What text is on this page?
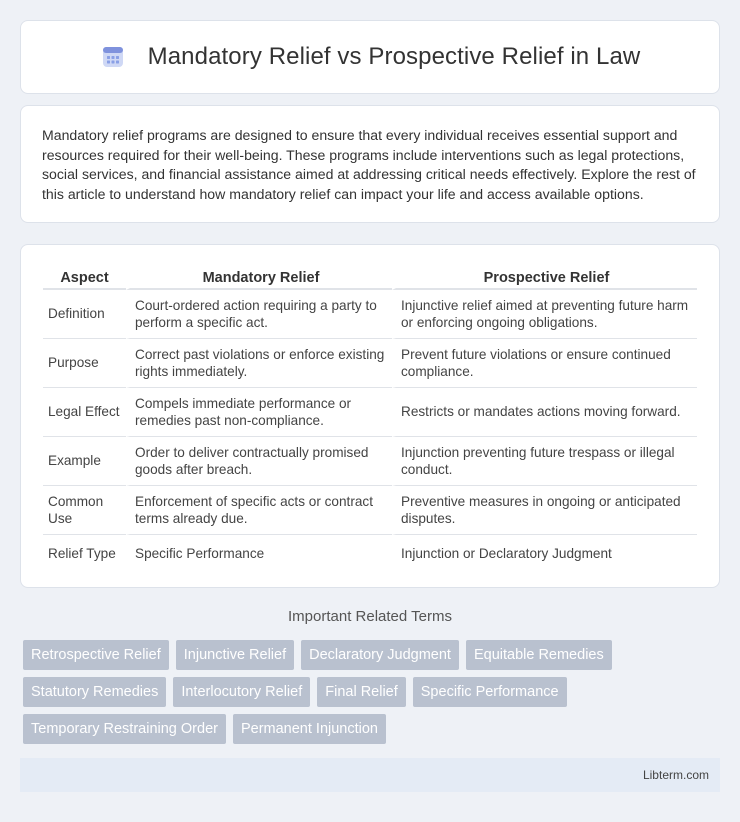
Mandatory Relief vs Prospective Relief in Law

Mandatory relief programs are designed to ensure that every individual receives essential support and resources required for their well-being. These programs include interventions such as legal protections, social services, and financial assistance aimed at addressing critical needs effectively. Explore the rest of this article to understand how mandatory relief can impact your life and access available options.

Aspect	Mandatory Relief	Prospective Relief
Definition	Court-ordered action requiring a party to perform a specific act.	Injunctive relief aimed at preventing future harm or enforcing ongoing obligations.
Purpose	Correct past violations or enforce existing rights immediately.	Prevent future violations or ensure continued compliance.
Legal Effect	Compels immediate performance or remedies past non-compliance.	Restricts or mandates actions moving forward.
Example	Order to deliver contractually promised goods after breach.	Injunction preventing future trespass or illegal conduct.
Common Use	Enforcement of specific acts or contract terms already due.	Preventive measures in ongoing or anticipated disputes.
Relief Type	Specific Performance	Injunction or Declaratory Judgment
Important Related Terms
Retrospective Relief	Injunctive Relief	Declaratory Judgment	Equitable Remedies
Statutory Remedies	Interlocutory Relief	Final Relief	Specific Performance
Temporary Restraining Order	Permanent Injunction
Libterm.com
